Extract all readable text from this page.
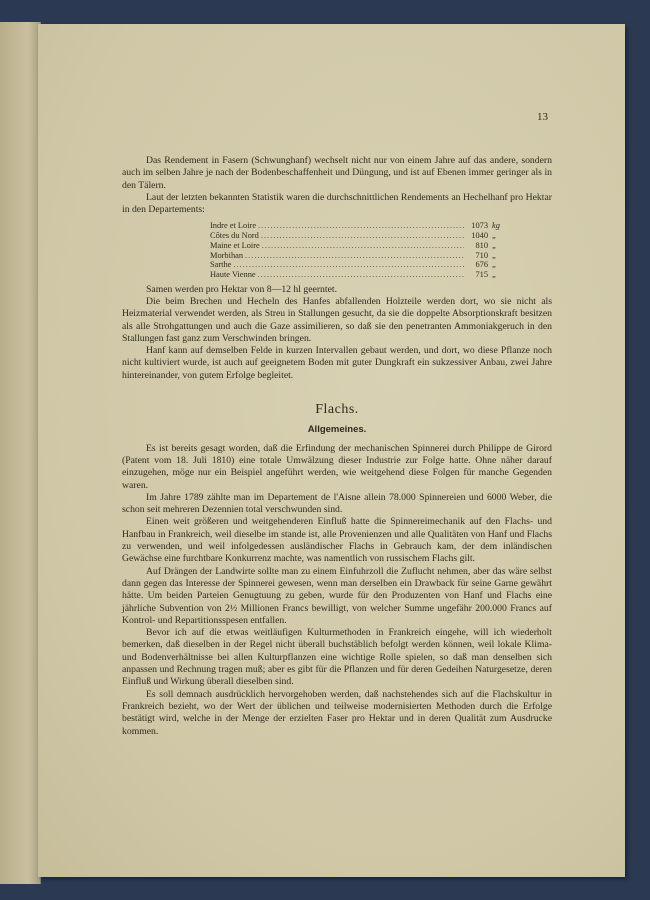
13

Das Rendement in Fasern (Schwunghanf) wechselt nicht nur von einem Jahre auf das andere, sondern auch im selben Jahre je nach der Bodenbeschaffenheit und Düngung, und ist auf Ebenen immer geringer als in den Tälern.

Laut der letzten bekannten Statistik waren die durchschnittlichen Rendements an Hechelhanf pro Hektar in den Departements:

Indre et Loire .....	1073 kg
Côtes du Nord .....	1040 „
Maine et Loire .....	810 „
Morbihan .....	710 „
Sarthe .....	676 „
Haute Vienne .....	715 „

Samen werden pro Hektar von 8—12 hl geerntet.

Die beim Brechen und Hecheln des Hanfes abfallenden Holzteile werden dort, wo sie nicht als Heizmaterial verwendet werden, als Streu in Stallungen gesucht, da sie die doppelte Absorptionskraft besitzen als alle Strohgattungen und auch die Gaze assimilieren, so daß sie den penetranten Ammoniakgeruch in den Stallungen fast ganz zum Verschwinden bringen.

Hanf kann auf demselben Felde in kurzen Intervallen gebaut werden, und dort, wo diese Pflanze noch nicht kultiviert wurde, ist auch auf geeignetem Boden mit guter Dungkraft ein sukzessiver Anbau, zwei Jahre hintereinander, von gutem Erfolge begleitet.

Flachs.
Allgemeines.

Es ist bereits gesagt worden, daß die Erfindung der mechanischen Spinnerei durch Philippe de Girord (Patent vom 18. Juli 1810) eine totale Umwälzung dieser Industrie zur Folge hatte. Ohne näher darauf einzugehen, möge nur ein Beispiel angeführt werden, wie weitgehend diese Folgen für manche Gegenden waren.

Im Jahre 1789 zählte man im Departement de l'Aisne allein 78.000 Spinnereien und 6000 Weber, die schon seit mehreren Dezennien total verschwunden sind.

Einen weit größeren und weitgehenderen Einfluß hatte die Spinnereimechanik auf den Flachs- und Hanfbau in Frankreich, weil dieselbe im stande ist, alle Provenienzen und alle Qualitäten von Hanf und Flachs zu verwenden, und weil infolgedessen ausländischer Flachs in Gebrauch kam, der dem inländischen Gewächse eine furchtbare Konkurrenz machte, was namentlich von russischem Flachs gilt.

Auf Drängen der Landwirte sollte man zu einem Einfuhrzoll die Zuflucht nehmen, aber das wäre selbst dann gegen das Interesse der Spinnerei gewesen, wenn man derselben ein Drawback für seine Garne gewährt hätte. Um beiden Parteien Genugtuung zu geben, wurde für den Produzenten von Hanf und Flachs eine jährliche Subvention von 2½ Millionen Francs bewilligt, von welcher Summe ungefähr 200.000 Francs auf Kontrol- und Repartitionsspesen entfallen.

Bevor ich auf die etwas weitläufigen Kulturmethoden in Frankreich eingehe, will ich wiederholt bemerken, daß dieselben in der Regel nicht überall buchstäblich befolgt werden können, weil lokale Klima- und Bodenverhältnisse bei allen Kulturpflanzen eine wichtige Rolle spielen, so daß man denselben sich anpassen und Rechnung tragen muß; aber es gibt für die Pflanzen und für deren Gedeihen Naturgesetze, deren Einfluß und Wirkung überall dieselben sind.

Es soll demnach ausdrücklich hervorgehoben werden, daß nachstehendes sich auf die Flachskultur in Frankreich bezieht, wo der Wert der üblichen und teilweise modernisierten Methoden durch die Erfolge bestätigt wird, welche in der Menge der erzielten Faser pro Hektar und in deren Qualität zum Ausdrucke kommen.
